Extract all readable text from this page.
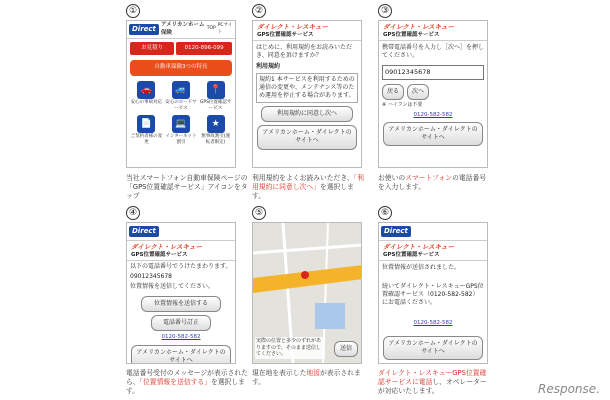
①
Direct アメリカンホーム保険
TOP
PCサイト
お見積り	0120-896-099
自動車保険3つの特長
🚗
安心の事故対応
🚙
安心のロードサービス
📍
GPS位置確認サービス
📄
ご契約者様の変更
💻
インターネット割引
★
無事故割引(運転者限定)
当社スマートフォン自動車保険ページの「GPS位置確認サービス」アイコンをタップ
②
ダイレクト・レスキュー
GPS位置確認サービス
はじめに、利用規約をお読みいただき、同意を頂けますか？
利用規約
規約1 本サービスを利用するための通信の変更や、メンテナンス等のため運用を停止する場合があります。
利用規約に同意し次へ
アメリカンホーム・ダイレクトのサイトへ
利用規約をよくお読みいただき、「利用規約に同意し次へ」を選択します。
③
ダイレクト・レスキュー
GPS位置確認サービス
携帯電話番号を入力し［次へ］を押してください。
09012345678
戻る	次へ
※ ハイフンは不要
0120-582-582
アメリカンホーム・ダイレクトのサイトへ
お使いのスマートフォンの電話番号を入力します。
④
Direct
ダイレクト・レスキュー
GPS位置確認サービス
以下の電話番号でうけたまわります。
09012345678
位置情報を送信してください。
位置情報を送信する
電話番号訂正
0120-582-582
アメリカンホーム・ダイレクトのサイトへ
電話番号受付のメッセージが表示されたら、「位置情報を送信する」を選択します。
⑤
実際の位置と多少のずれがありますので、そのまま送信してください。
送信
現在地を表示した地図が表示されます。
⑥
Direct
ダイレクト・レスキュー
GPS位置確認サービス
位置情報が送信されました。
続いてダイレクト・レスキューGPS位置確認サービス（0120-582-582）にお電話ください。
0120-582-582
アメリカンホーム・ダイレクトのサイトへ
ダイレクト・レスキューGPS位置確認サービスに電話し、オペレーターが対応いたします。	Response.
